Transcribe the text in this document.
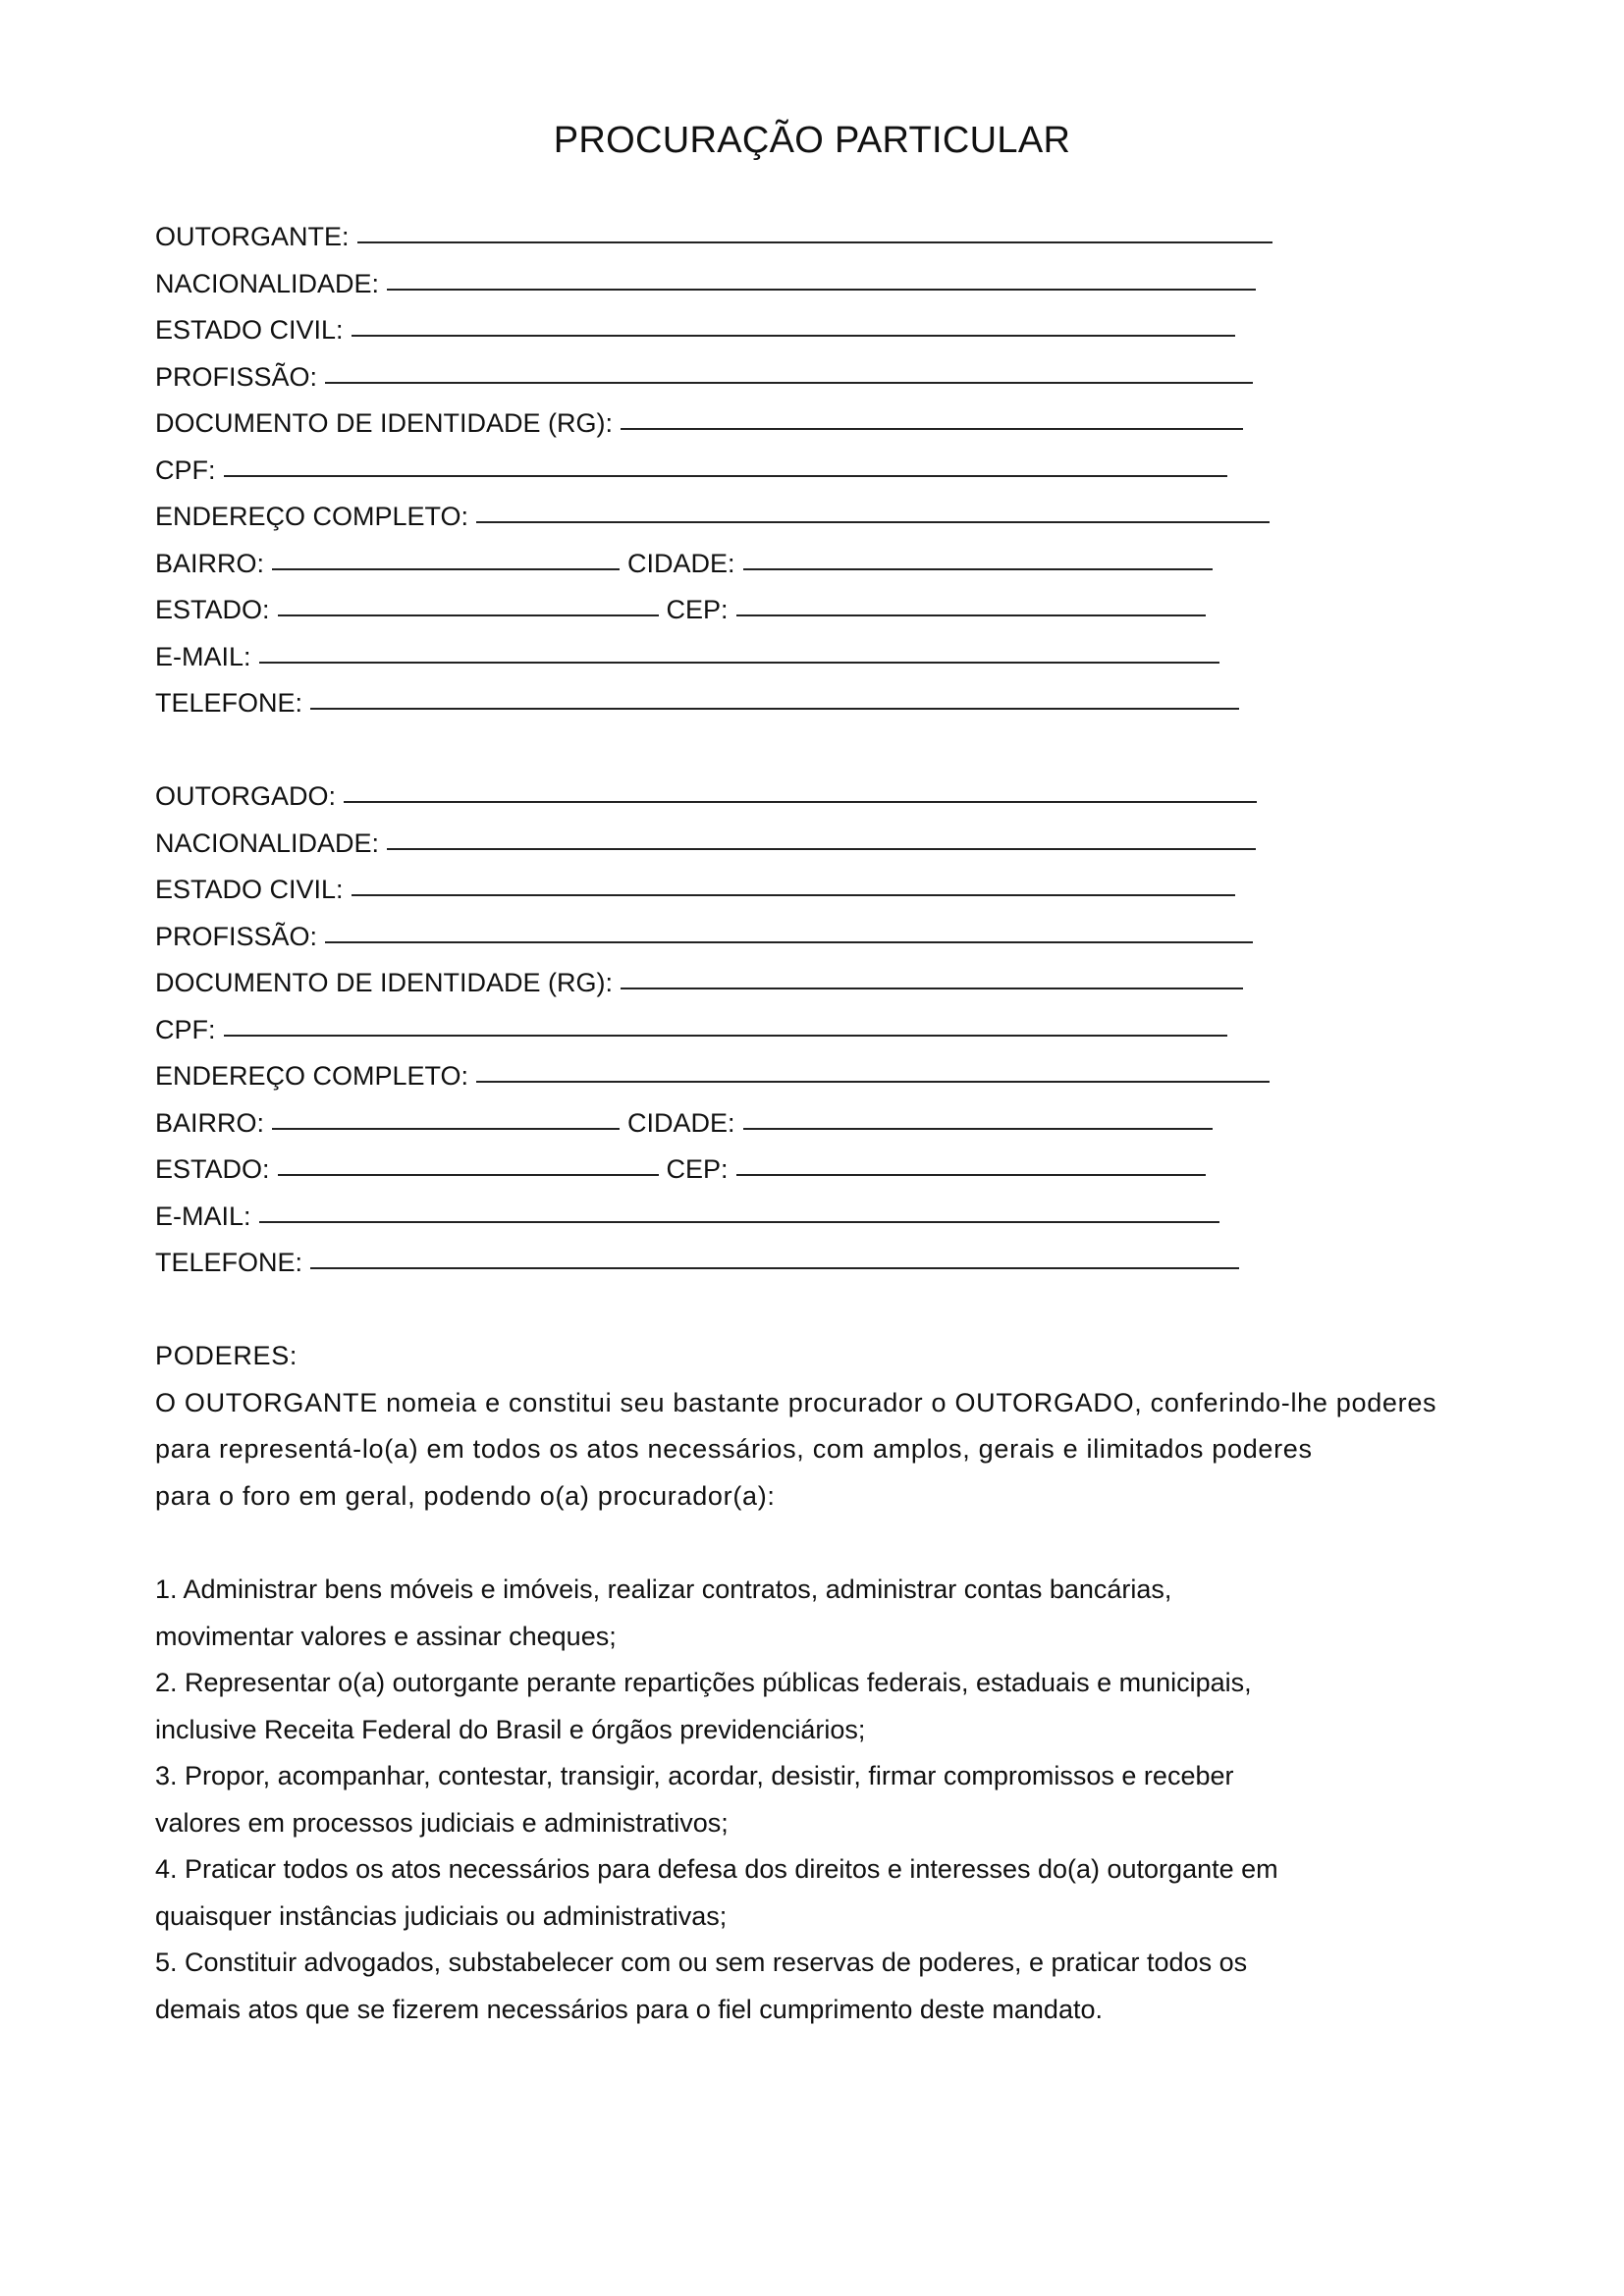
PROCURAÇÃO PARTICULAR
OUTORGANTE:
NACIONALIDADE:
ESTADO CIVIL:
PROFISSÃO:
DOCUMENTO DE IDENTIDADE (RG):
CPF:
ENDEREÇO COMPLETO:
BAIRRO:	CIDADE:
ESTADO:	CEP:
E-MAIL:
TELEFONE:
OUTORGADO:
NACIONALIDADE:
ESTADO CIVIL:
PROFISSÃO:
DOCUMENTO DE IDENTIDADE (RG):
CPF:
ENDEREÇO COMPLETO:
BAIRRO:	CIDADE:
ESTADO:	CEP:
E-MAIL:
TELEFONE:

PODERES:

O OUTORGANTE nomeia e constitui seu bastante procurador o OUTORGADO, conferindo-lhe poderes

para representá-lo(a) em todos os atos necessários, com amplos, gerais e ilimitados poderes

para o foro em geral, podendo o(a) procurador(a):

1. Administrar bens móveis e imóveis, realizar contratos, administrar contas bancárias,

movimentar valores e assinar cheques;

2. Representar o(a) outorgante perante repartições públicas federais, estaduais e municipais,

inclusive Receita Federal do Brasil e órgãos previdenciários;

3. Propor, acompanhar, contestar, transigir, acordar, desistir, firmar compromissos e receber

valores em processos judiciais e administrativos;

4. Praticar todos os atos necessários para defesa dos direitos e interesses do(a) outorgante em

quaisquer instâncias judiciais ou administrativas;

5. Constituir advogados, substabelecer com ou sem reservas de poderes, e praticar todos os

demais atos que se fizerem necessários para o fiel cumprimento deste mandato.
